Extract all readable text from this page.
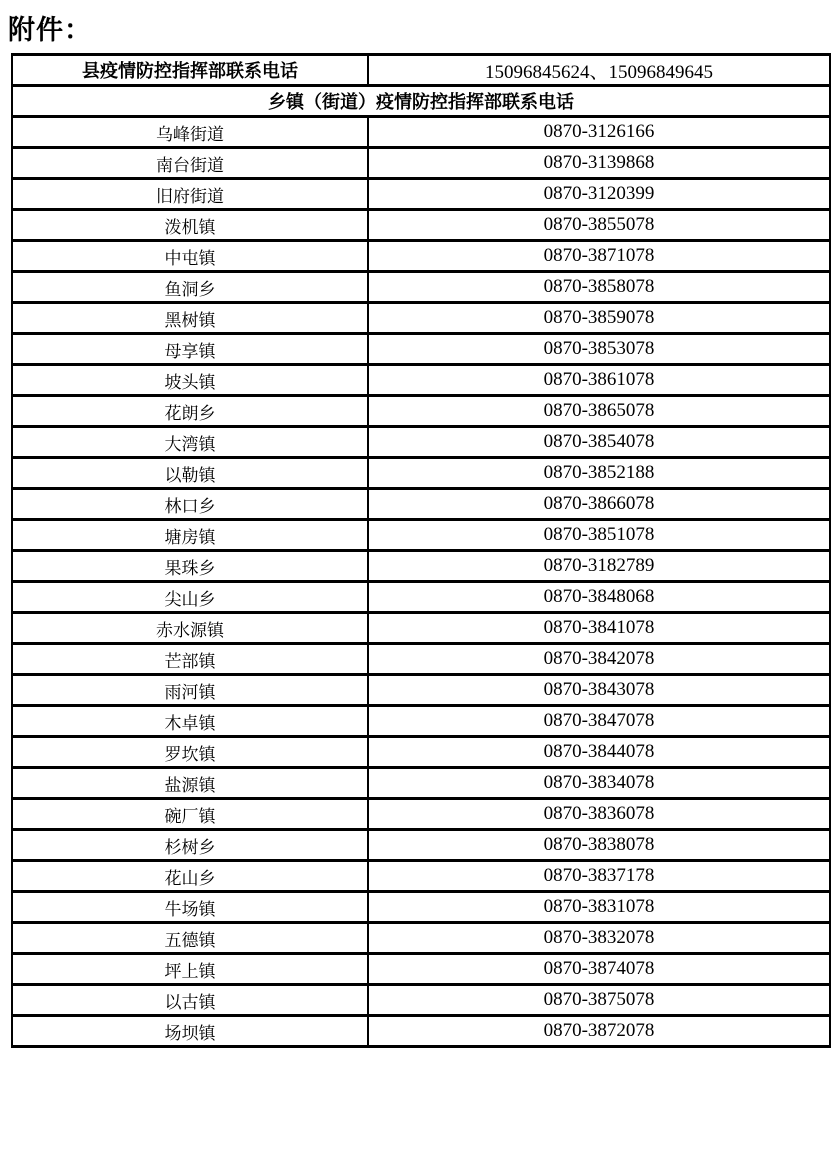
附件：
县疫情防控指挥部联系电话	15096845624、15096849645
乡镇（街道）疫情防控指挥部联系电话	
乌峰街道	0870-3126166
南台街道	0870-3139868
旧府街道	0870-3120399
泼机镇	0870-3855078
中屯镇	0870-3871078
鱼洞乡	0870-3858078
黑树镇	0870-3859078
母享镇	0870-3853078
坡头镇	0870-3861078
花朗乡	0870-3865078
大湾镇	0870-3854078
以勒镇	0870-3852188
林口乡	0870-3866078
塘房镇	0870-3851078
果珠乡	0870-3182789
尖山乡	0870-3848068
赤水源镇	0870-3841078
芒部镇	0870-3842078
雨河镇	0870-3843078
木卓镇	0870-3847078
罗坎镇	0870-3844078
盐源镇	0870-3834078
碗厂镇	0870-3836078
杉树乡	0870-3838078
花山乡	0870-3837178
牛场镇	0870-3831078
五德镇	0870-3832078
坪上镇	0870-3874078
以古镇	0870-3875078
场坝镇	0870-3872078
